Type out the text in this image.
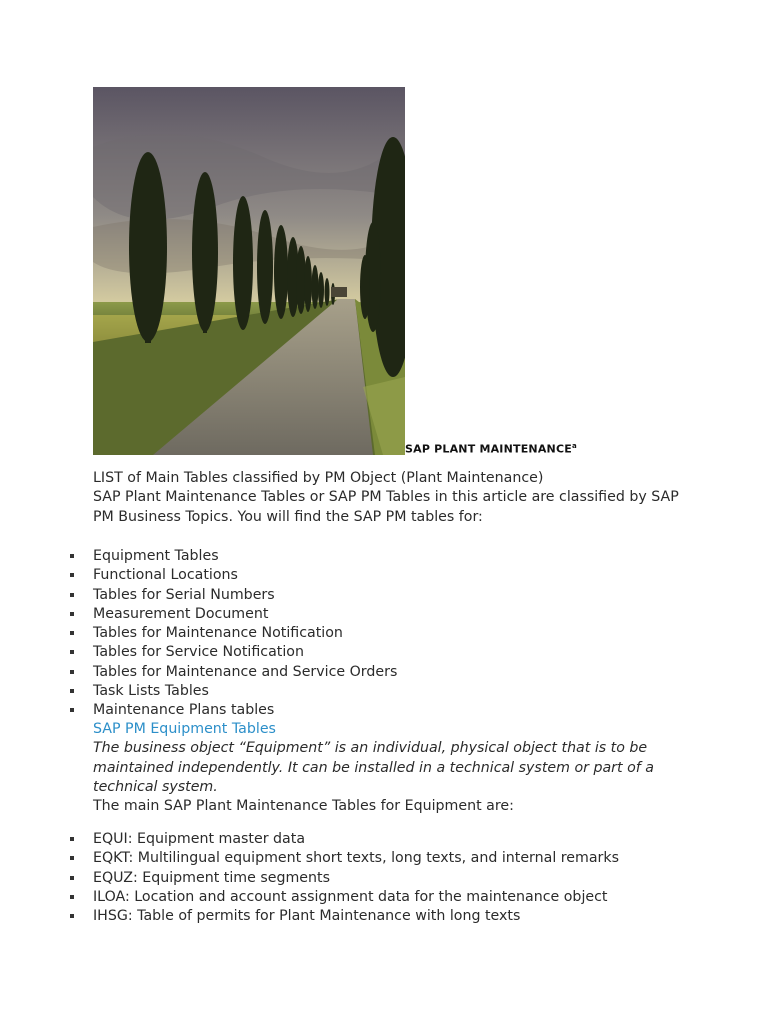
SAP PLANT MAINTENANCE$^a$

LIST of Main Tables classified by PM Object (Plant Maintenance)

SAP Plant Maintenance Tables or SAP PM Tables in this article are classified by SAP PM Business Topics. You will find the SAP PM tables for:

Equipment Tables
Functional Locations
Tables for Serial Numbers
Measurement Document
Tables for Maintenance Notification
Tables for Service Notification
Tables for Maintenance and Service Orders
Task Lists Tables
Maintenance Plans tables

SAP PM Equipment Tables

The business object “Equipment” is an individual, physical object that is to be maintained independently. It can be installed in a technical system or part of a technical system.

The main SAP Plant Maintenance Tables for Equipment are:

EQUI: Equipment master data
EQKT: Multilingual equipment short texts, long texts, and internal remarks
EQUZ: Equipment time segments
ILOA: Location and account assignment data for the maintenance object
IHSG: Table of permits for Plant Maintenance with long texts
